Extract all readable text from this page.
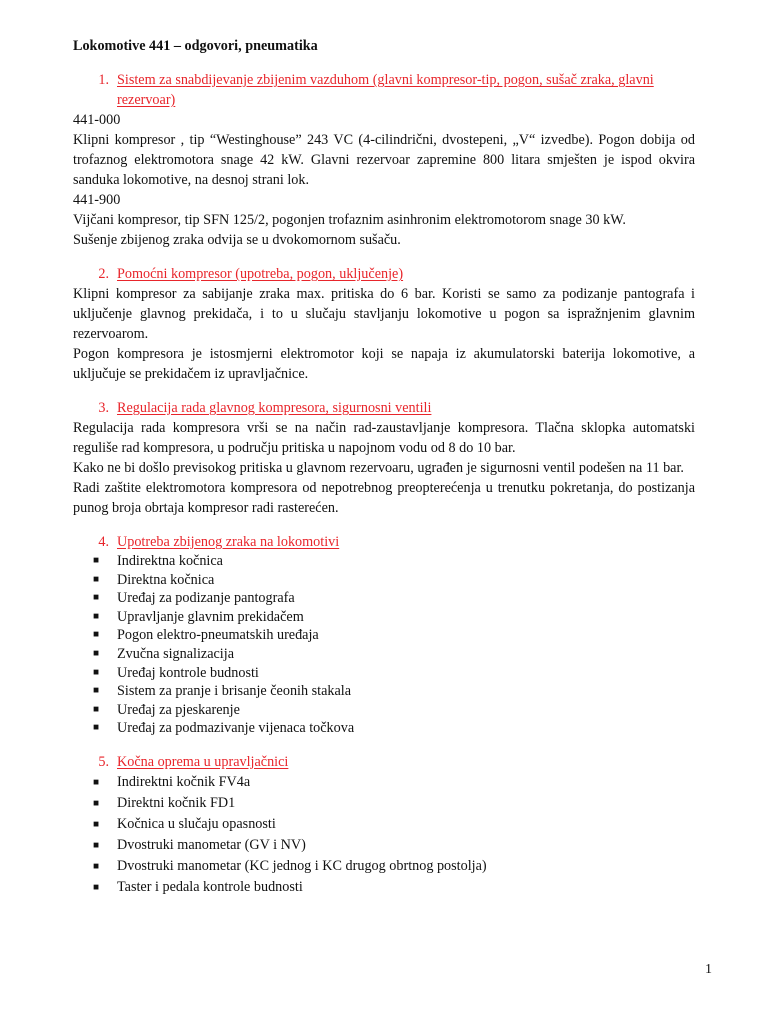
Lokomotive 441 – odgovori, pneumatika
1. Sistem za snabdijevanje zbijenim vazduhom (glavni kompresor-tip, pogon, sušač zraka, glavni rezervoar)

441-000

Klipni kompresor , tip “Westinghouse” 243 VC (4-cilindrični, dvostepeni, „V“ izvedbe). Pogon dobija od trofaznog elektromotora snage 42 kW. Glavni rezervoar zapremine 800 litara smješten je ispod okvira sanduka lokomotive, na desnoj strani lok.

441-900

Vijčani kompresor, tip SFN 125/2, pogonjen trofaznim asinhronim elektromotorom snage 30 kW.

Sušenje zbijenog zraka odvija se u dvokomornom sušaču.

2. Pomoćni kompresor (upotreba, pogon, uključenje)

Klipni kompresor za sabijanje zraka max. pritiska do 6 bar. Koristi se samo za podizanje pantografa i uključenje glavnog prekidača, i to u slučaju stavljanju lokomotive u pogon sa ispražnjenim glavnim rezervoarom.

Pogon kompresora je istosmjerni elektromotor koji se napaja iz akumulatorski baterija lokomotive, a uključuje se prekidačem iz upravljačnice.

3. Regulacija rada glavnog kompresora, sigurnosni ventili

Regulacija rada kompresora vrši se na način rad-zaustavljanje kompresora. Tlačna sklopka automatski reguliše rad kompresora, u području pritiska u napojnom vodu od 8 do 10 bar.

Kako ne bi došlo previsokog pritiska u glavnom rezervoaru, ugrađen je sigurnosni ventil podešen na 11 bar.

Radi zaštite elektromotora kompresora od nepotrebnog preopterećenja u trenutku pokretanja, do postizanja punog broja obrtaja kompresor radi rasterećen.

4. Upotreba zbijenog zraka na lokomotivi
■	Indirektna kočnica
■	Direktna kočnica
■	Uređaj za podizanje pantografa
■	Upravljanje glavnim prekidačem
■	Pogon elektro-pneumatskih uređaja
■	Zvučna signalizacija
■	Uređaj kontrole budnosti
■	Sistem za pranje i brisanje čeonih stakala
■	Uređaj za pjeskarenje
■	Uređaj za podmazivanje vijenaca točkova
5. Kočna oprema u upravljačnici
■	Indirektni kočnik FV4a
■	Direktni kočnik FD1
■	Kočnica u slučaju opasnosti
■	Dvostruki manometar (GV i NV)
■	Dvostruki manometar (KC jednog i KC drugog obrtnog postolja)
■	Taster i pedala kontrole budnosti
1
